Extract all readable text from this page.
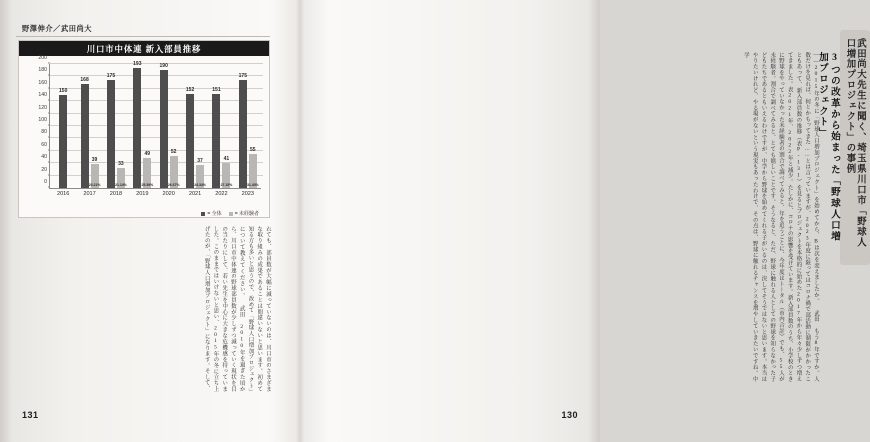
野澤伸介／武田尚大
川口市中体連 新入部員推移
0
20
40
60
80
100
120
140
160
180
200
150
2016
168
39
23.21%
2017
175
33
21.14%
2018
193
49
25.39%
2019
190
52
26.67%
2020
152
37
24.34%
2021
151
41
27.15%
2022
175
55
31.43%
2023
= 全体	= 未経験者
れても、部員数が大幅に減っていないのは、川口市のさまざまな取り組みの成果であることは間違いないと思います。初めて知る方も多いと思うので、改めて「野球人口増加プロジェクト」について教えてください。 武田　2010年を過ぎた頃から、川口市中体連の野球部員数が少しずつ減っていく現状を目の当たりにして、若い先生を中心に大きな危機感を持っていました。このままではいけないと思い、2015年の冬に立ち上げたのが、「野球人口増加プロジェクト」になります。そして、
131
武田尚大先生に聞く、埼玉県川口市「野球人口増加プロジェクト」の事例
3つの改革から始まった「野球人口増加プロジェクト」
――2015年の冬に「野球人口増加プロジェクト」を始めてから、Bは次を変えましたか。 武田　もう8年ですか。人数だけを見れば、何とかもってきた……とは言っていますが、2023年度に限ってはコロナ禍で部活動に制限がかかったこともあって、新入部員数の推移（表P-131）を見るとプロジェクトを本格的に始めた2017年から年々少しずつ増えてきました。表2021年、2022年と減少。たしかに、コロナの影響を受けています。新入部員数のうち、小学校のときに野球をやっていなかった未経験者の割合で調べてみると、年を追うごとに、今年度はトータル（市内合計）でも、55人が未経験者。割合で調べてみると、とても嬉しいことです。そうなると、ただ、野球に触れる人としての野球を知らなかった子どもたちであるともいえるわけですが、中学から野球を始めてくれる子がいるのは、決してそうではないと思います。本当はやりたいけれど、やる場がないという現実もあったわけで、その点は、野球に触れるチャンスを増やしていきたいですね。中学
130
